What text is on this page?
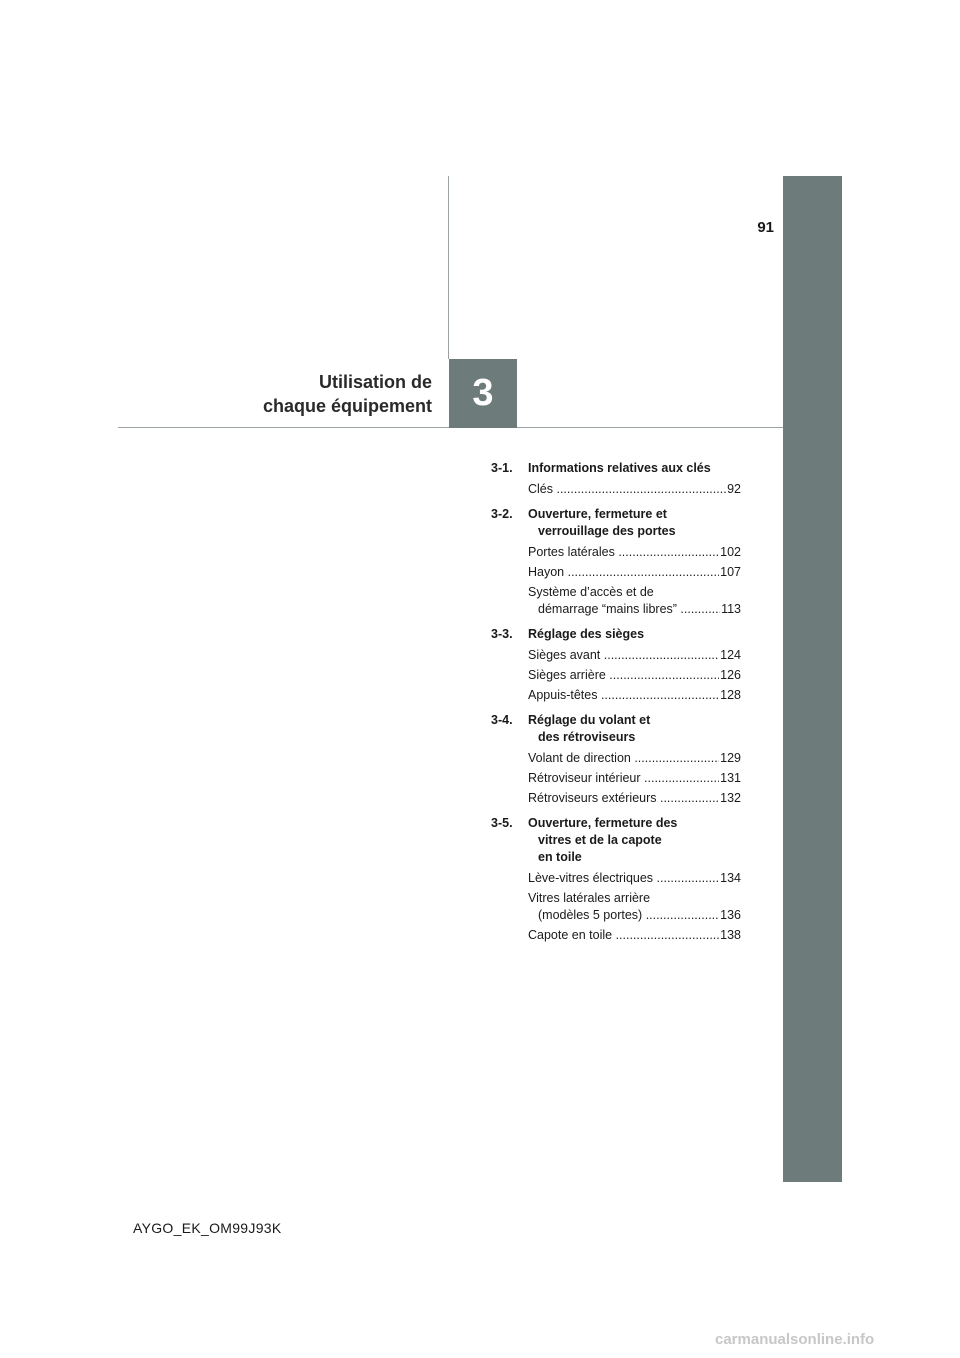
3
91
Utilisation de
chaque équipement
3-1.	Informations relatives aux clés
Clés .....	92
3-2.	Ouverture, fermeture et
verrouillage des portes
Portes latérales .....	102
Hayon .....	107
Système d’accès et de
démarrage “mains libres” .....	113
3-3.	Réglage des sièges
Sièges avant .....	124
Sièges arrière .....	126
Appuis-têtes .....	128
3-4.	Réglage du volant et
des rétroviseurs
Volant de direction .....	129
Rétroviseur intérieur .....	131
Rétroviseurs extérieurs .....	132
3-5.	Ouverture, fermeture des
vitres et de la capote
en toile
Lève-vitres électriques .....	134
Vitres latérales arrière
(modèles 5 portes) .....	136
Capote en toile .....	138
AYGO_EK_OM99J93K
carmanualsonline.info
